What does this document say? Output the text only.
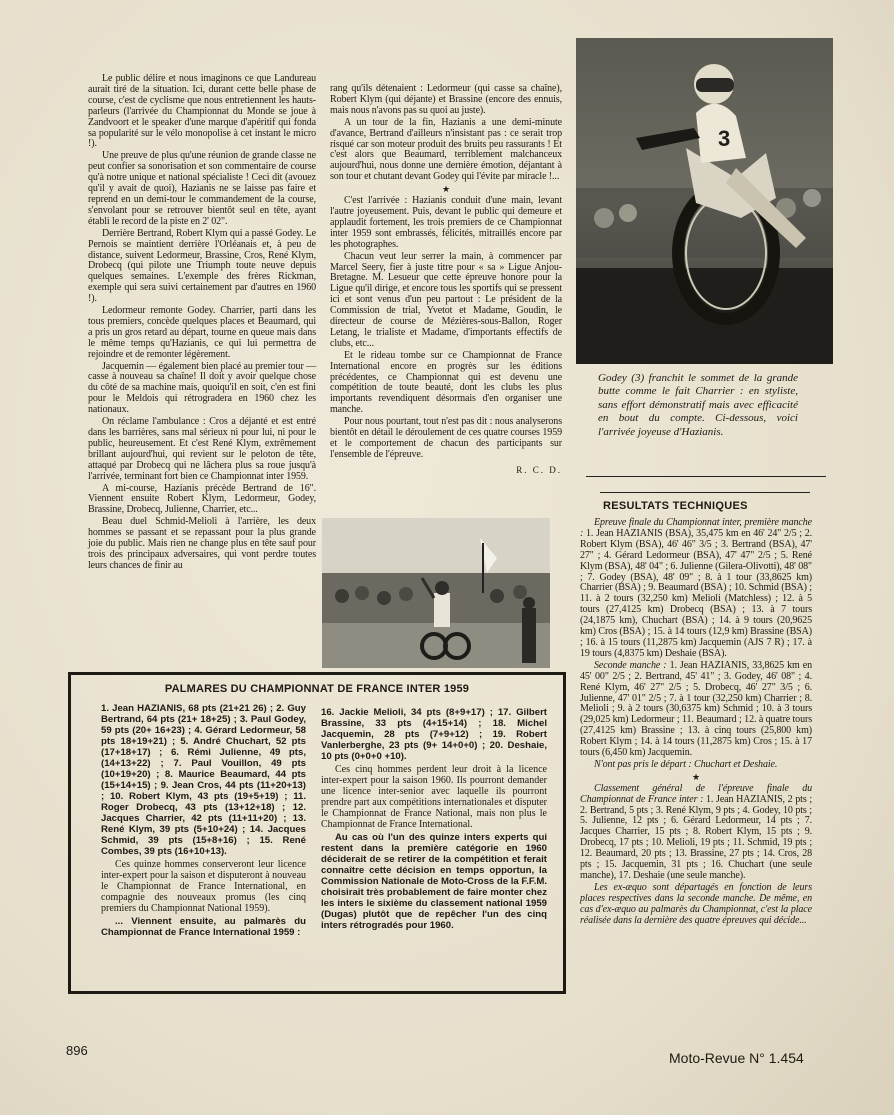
Le public délire et nous imaginons ce que Landureau aurait tiré de la situation. Ici, durant cette belle phase de course, c'est de cyclisme que nous entretiennent les hauts-parleurs (l'arrivée du Championnat du Monde se joue à Zandvoort et le speaker d'une marque d'apéritif qui fonda sa popularité sur le vélo monopolise à cet instant le micro !).

Une preuve de plus qu'une réunion de grande classe ne peut confier sa sonorisation et son commentaire de course qu'à notre unique et national spécialiste ! Ceci dit (avouez qu'il y avait de quoi), Hazianis ne se laisse pas faire et reprend en un demi-tour le commandement de la course, s'envolant pour se retrouver bientôt seul en tête, ayant établi le record de la piste en 2' 02".

Derrière Bertrand, Robert Klym qui a passé Godey. Le Pernois se maintient derrière l'Orléanais et, à peu de distance, suivent Ledormeur, Brassine, Cros, René Klym, Drobecq (qui pilote une Triumph toute neuve depuis quelques semaines. L'exemple des frères Rickman, exemple qui sera suivi certainement par d'autres en 1960 !).

Ledormeur remonte Godey. Charrier, parti dans les tous premiers, concède quelques places et Beaumard, qui a pris un gros retard au départ, tourne en queue mais dans le même temps qu'Hazianis, ce qui lui permettra de rejoindre et de remonter légèrement.

Jacquemin — également bien placé au premier tour — casse à nouveau sa chaîne! Il doit y avoir quelque chose du côté de sa machine mais, quoiqu'il en soit, c'en est fini pour le Meldois qui rétrogradera en 1960 chez les nationaux.

On réclame l'ambulance : Cros a déjanté et est entré dans les barrières, sans mal sérieux ni pour lui, ni pour le public, heureusement. Et c'est René Klym, extrêmement brillant aujourd'hui, qui revient sur le peloton de tête, attaqué par Drobecq qui ne lâchera plus sa roue jusqu'à l'arrivée, terminant fort bien ce Championnat inter 1959.

A mi-course, Hazianis précède Bertrand de 16". Viennent ensuite Robert Klym, Ledormeur, Godey, Brassine, Drobecq, Julienne, Charrier, etc...

Beau duel Schmid-Melioli à l'arrière, les deux hommes se passant et se repassant pour la plus grande joie du public. Mais rien ne change plus en tête sauf pour trois des principaux adversaires, qui vont perdre toutes leurs chances de finir au

rang qu'ils détenaient : Ledormeur (qui casse sa chaîne), Robert Klym (qui déjante) et Brassine (encore des ennuis, mais nous n'avons pas su quoi au juste).

A un tour de la fin, Hazianis a une demi-minute d'avance, Bertrand d'ailleurs n'insistant pas : ce serait trop risqué car son moteur produit des bruits peu rassurants ! Et c'est alors que Beaumard, terriblement malchanceux aujourd'hui, nous donne une dernière émotion, déjantant à son tour et chutant devant Godey qui l'évite par miracle !...

★

C'est l'arrivée : Hazianis conduit d'une main, levant l'autre joyeusement. Puis, devant le public qui demeure et applaudit fortement, les trois premiers de ce Championnat inter 1959 sont embrassés, félicités, mitraillés encore par les photographes.

Chacun veut leur serrer la main, à commencer par Marcel Seery, fier à juste titre pour « sa » Ligue Anjou-Bretagne. M. Lesueur que cette épreuve honore pour la Ligue qu'il dirige, et encore tous les sportifs qui se pressent ici et sont venus d'un peu partout : Le président de la Commission de trial, Yvetot et Madame, Goudin, le directeur de course de Mézières-sous-Ballon, Roger Letang, le trialiste et Madame, d'importants effectifs de clubs, etc...

Et le rideau tombe sur ce Championnat de France International encore en progrès sur les éditions précédentes, ce Championnat qui est devenu une compétition de toute beauté, dont les clubs les plus importants revendiquent désormais d'en organiser une manche.

Pour nous pourtant, tout n'est pas dit : nous analyserons bientôt en détail le déroulement de ces quatre courses 1959 et le comportement de chacun des participants sur l'ensemble de l'épreuve.

R. C. D.
3
Godey (3) franchit le sommet de la grande butte comme le fait Charrier : en styliste, sans effort démonstratif mais avec efficacité en bout du compte. Ci-dessous, voici l'arrivée joyeuse d'Hazianis.
RESULTATS TECHNIQUES

Epreuve finale du Championnat inter, première manche : 1. Jean HAZIANIS (BSA), 35,475 km en 46' 24" 2/5 ; 2. Robert Klym (BSA), 46' 46" 3/5 ; 3. Bertrand (BSA), 47' 27" ; 4. Gérard Ledormeur (BSA), 47' 47" 2/5 ; 5. René Klym (BSA), 48' 04" ; 6. Julienne (Gilera-Olivotti), 48' 08" ; 7. Godey (BSA), 48' 09" ; 8. à 1 tour (33,8625 km) Charrier (BSA) ; 9. Beaumard (BSA) ; 10. Schmid (BSA) ; 11. à 2 tours (32,250 km) Melioli (Matchless) ; 12. à 5 tours (27,4125 km) Drobecq (BSA) ; 13. à 7 tours (24,1875 km), Chuchart (BSA) ; 14. à 9 tours (20,9625 km) Cros (BSA) ; 15. à 14 tours (12,9 km) Brassine (BSA) ; 16. à 15 tours (11,2875 km) Jacquemin (AJS 7 R) ; 17. à 19 tours (4,8375 km) Deshaie (BSA).

Seconde manche : 1. Jean HAZIANIS, 33,8625 km en 45' 00" 2/5 ; 2. Bertrand, 45' 41" ; 3. Godey, 46' 08" ; 4. René Klym, 46' 27" 2/5 ; 5. Drobecq, 46' 27" 3/5 ; 6. Julienne, 47' 01" 2/5 ; 7. à 1 tour (32,250 km) Charrier ; 8. Melioli ; 9. à 2 tours (30,6375 km) Schmid ; 10. à 3 tours (29,025 km) Ledormeur ; 11. Beaumard ; 12. à quatre tours (27,4125 km) Brassine ; 13. à cinq tours (25,800 km) Robert Klym ; 14. à 14 tours (11,2875 km) Cros ; 15. à 17 tours (6,450 km) Jacquemin.

N'ont pas pris le départ : Chuchart et Deshaie.

★

Classement général de l'épreuve finale du Championnat de France inter : 1. Jean HAZIANIS, 2 pts ; 2. Bertrand, 5 pts ; 3. René Klym, 9 pts ; 4. Godey, 10 pts ; 5. Julienne, 12 pts ; 6. Gérard Ledormeur, 14 pts ; 7. Jacques Charrier, 15 pts ; 8. Robert Klym, 15 pts ; 9. Drobecq, 17 pts ; 10. Melioli, 19 pts ; 11. Schmid, 19 pts ; 12. Beaumard, 20 pts ; 13. Brassine, 27 pts ; 14. Cros, 28 pts ; 15. Jacquemin, 31 pts ; 16. Chuchart (une seule manche), 17. Deshaie (une seule manche).

Les ex-æquo sont départagés en fonction de leurs places respectives dans la seconde manche. De même, en cas d'ex-æquo au palmarès du Championnat, c'est la place réalisée dans la dernière des quatre épreuves qui décide...

PALMARES DU CHAMPIONNAT DE FRANCE INTER 1959

1. Jean HAZIANIS, 68 pts (21+21 26) ; 2. Guy Bertrand, 64 pts (21+ 18+25) ; 3. Paul Godey, 59 pts (20+ 16+23) ; 4. Gérard Ledormeur, 58 pts 18+19+21) ; 5. André Chuchart, 52 pts (17+18+17) ; 6. Rémi Julienne, 49 pts, (14+13+22) ; 7. Paul Vouillon, 49 pts (10+19+20) ; 8. Maurice Beaumard, 44 pts (15+14+15) ; 9. Jean Cros, 44 pts (11+20+13) ; 10. Robert Klym, 43 pts (19+5+19) ; 11. Roger Drobecq, 43 pts (13+12+18) ; 12. Jacques Charrier, 42 pts (11+11+20) ; 13. René Klym, 39 pts (5+10+24) ; 14. Jacques Schmid, 39 pts (15+8+16) ; 15. René Combes, 39 pts (16+10+13).

Ces quinze hommes conserveront leur licence inter-expert pour la saison et disputeront à nouveau le Championnat de France International, en compagnie des nouveaux promus (les cinq premiers du Championnat National 1959).

... Viennent ensuite, au palmarès du Championnat de France International 1959 :

16. Jackie Melioli, 34 pts (8+9+17) ; 17. Gilbert Brassine, 33 pts (4+15+14) ; 18. Michel Jacquemin, 28 pts (7+9+12) ; 19. Robert Vanlerberghe, 23 pts (9+ 14+0+0) ; 20. Deshaie, 10 pts (0+0+0 +10).

Ces cinq hommes perdent leur droit à la licence inter-expert pour la saison 1960. Ils pourront demander une licence inter-senior avec laquelle ils pourront prendre part aux compétitions internationales et disputer le Championnat de France National, mais non plus le Championnat de France International.

Au cas où l'un des quinze inters experts qui restent dans la première catégorie en 1960 déciderait de se retirer de la compétition et ferait connaître cette décision en temps opportun, la Commission Nationale de Moto-Cross de la F.F.M. choisirait très probablement de faire monter chez les inters le sixième du classement national 1959 (Dugas) plutôt que de repêcher l'un des cinq inters rétrogradés pour 1960.

896	Moto-Revue N° 1.454
